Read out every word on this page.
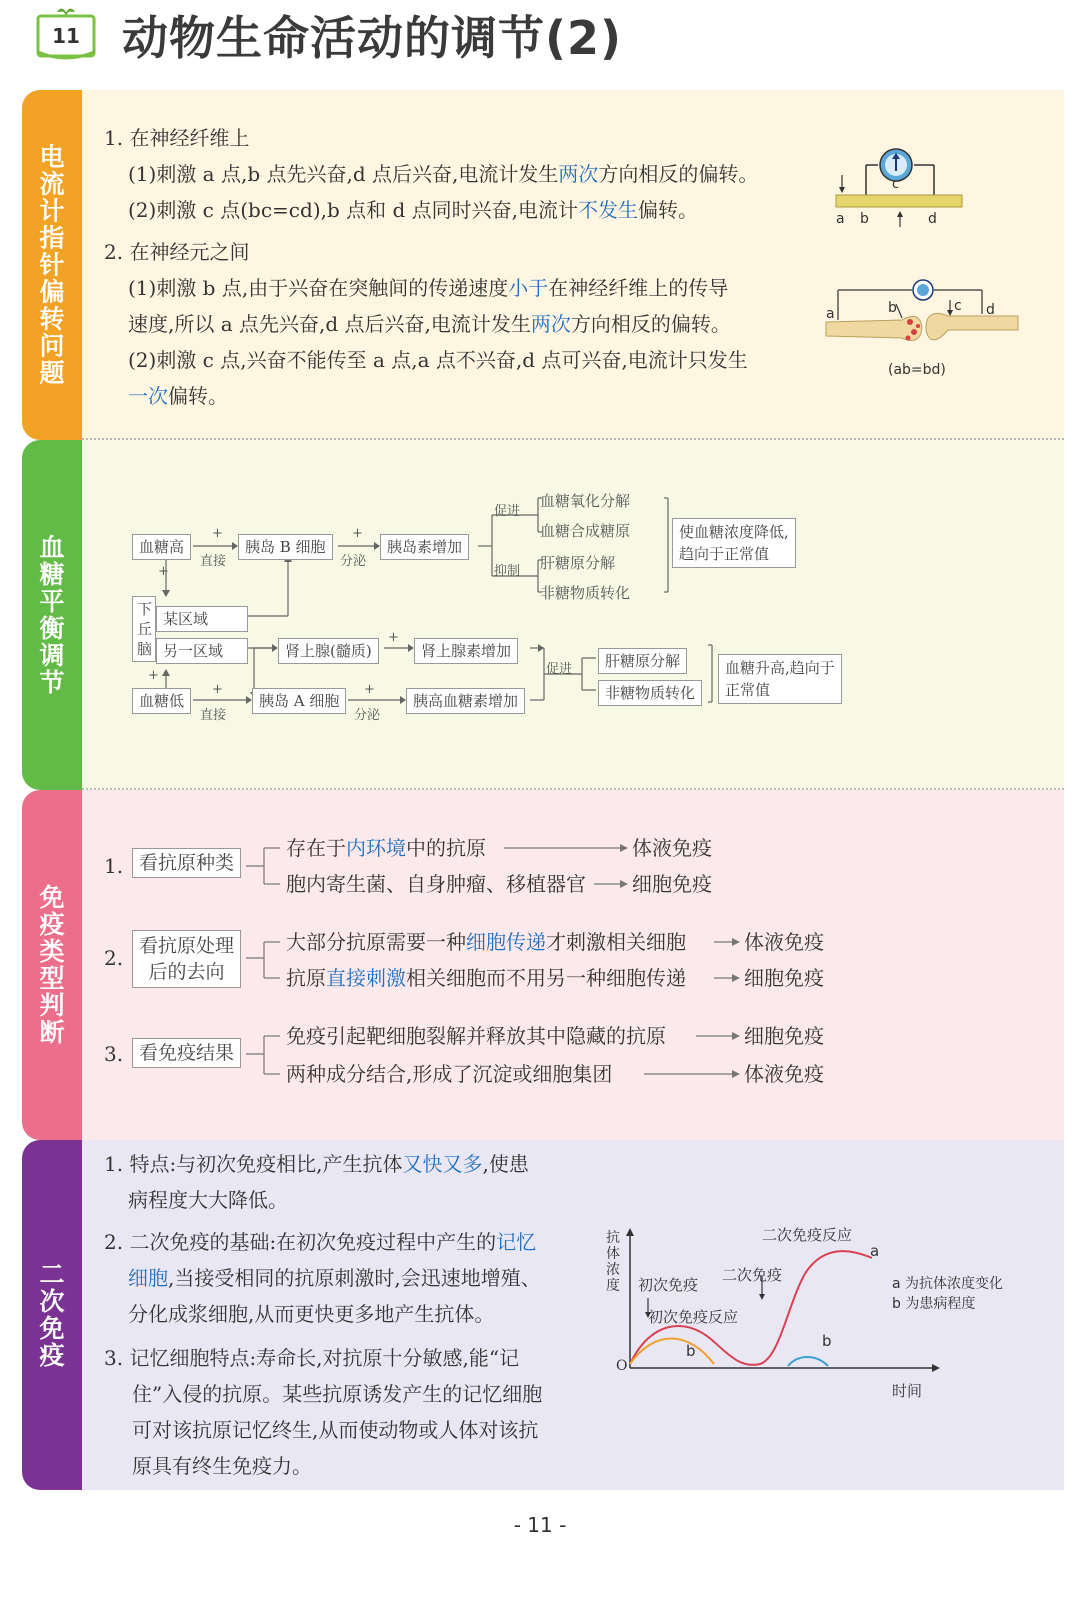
11 动物生命活动的调节(2)
电
流
计
指
针
偏
转
问
题
1. 在神经纤维上
(1)刺激 a 点,b 点先兴奋,d 点后兴奋,电流计发生两次方向相反的偏转。
(2)刺激 c 点(bc=cd),b 点和 d 点同时兴奋,电流计不发生偏转。
2. 在神经元之间
(1)刺激 b 点,由于兴奋在突触间的传递速度小于在神经纤维上的传导
速度,所以 a 点先兴奋,d 点后兴奋,电流计发生两次方向相反的偏转。
(2)刺激 c 点,兴奋不能传至 a 点,a 点不兴奋,d 点可兴奋,电流计只发生
一次偏转。
c
a b	d
a	b	c d
(ab=bd)
血
糖
平
衡
调
节
血糖高
+
直接
胰岛 B 细胞
+
分泌
胰岛素增加
促进
抑制
血糖氧化分解
血糖合成糖原
肝糖原分解
非糖物质转化
使血糖浓度降低,
趋向于正常值
下
丘
脑
+
某区域
另一区域	肾上腺(髓质)
+
肾上腺素增加
促进	肝糖原分解
非糖物质转化
血糖升高,趋向于
正常值
+
血糖低
+
直接
胰岛 A 细胞
+
分泌
胰高血糖素增加
免
疫
类
型
判
断
1. 看抗原种类
存在于内环境中的抗原	体液免疫
胞内寄生菌、自身肿瘤、移植器官 细胞免疫
2. 看抗原处理
后的去向
大部分抗原需要一种细胞传递才刺激相关细胞	体液免疫
抗原直接刺激相关细胞而不用另一种细胞传递	细胞免疫
3. 看免疫结果
免疫引起靶细胞裂解并释放其中隐藏的抗原	细胞免疫
两种成分结合,形成了沉淀或细胞集团	体液免疫
二
次
免
疫
1. 特点:与初次免疫相比,产生抗体又快又多,使患
病程度大大降低。
2. 二次免疫的基础:在初次免疫过程中产生的记忆
细胞,当接受相同的抗原刺激时,会迅速地增殖、
分化成浆细胞,从而更快更多地产生抗体。
3. 记忆细胞特点:寿命长,对抗原十分敏感,能“记
住”入侵的抗原。某些抗原诱发产生的记忆细胞
可对该抗原记忆终生,从而使动物或人体对该抗
原具有终生免疫力。
抗
体
浓
度
O
时间
初次免疫
初次免疫反应
二次免疫
二次免疫反应
a
b
b
a 为抗体浓度变化
b 为患病程度
- 11 -
